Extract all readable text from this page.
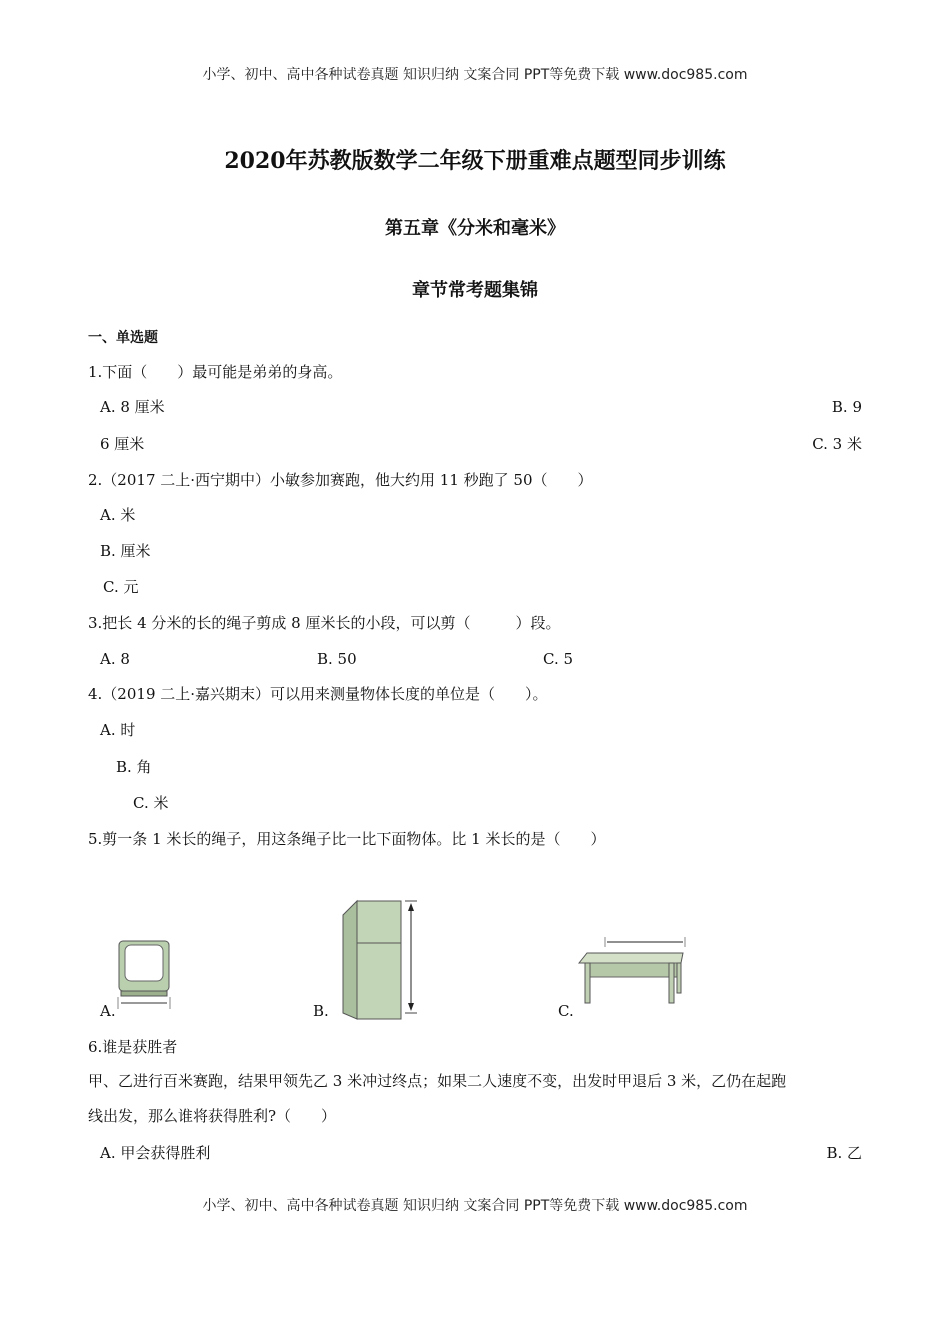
小学、初中、高中各种试卷真题 知识归纳 文案合同 PPT等免费下载 www.doc985.com
2020年苏教版数学二年级下册重难点题型同步训练
第五章《分米和毫米》
章节常考题集锦
一、单选题
1.下面（　　）最可能是弟弟的身高。
A. 8 厘米	B. 9
6 厘米	C. 3 米
2.（2017 二上·西宁期中）小敏参加赛跑，他大约用 11 秒跑了 50（　　）
A. 米
B. 厘米
C. 元
3.把长 4 分米的长的绳子剪成 8 厘米长的小段，可以剪（　　　）段。
A. 8	B. 50	C. 5
4.（2019 二上·嘉兴期末）可以用来测量物体长度的单位是（　　）。
A. 时
B. 角
C. 米
5.剪一条 1 米长的绳子，用这条绳子比一比下面物体。比 1 米长的是（　　）
A.	B.	C.
6.谁是获胜者
甲、乙进行百米赛跑，结果甲领先乙 3 米冲过终点；如果二人速度不变，出发时甲退后 3 米，乙仍在起跑
线出发，那么谁将获得胜利?（　　）
A. 甲会获得胜利	B. 乙
小学、初中、高中各种试卷真题 知识归纳 文案合同 PPT等免费下载 www.doc985.com
